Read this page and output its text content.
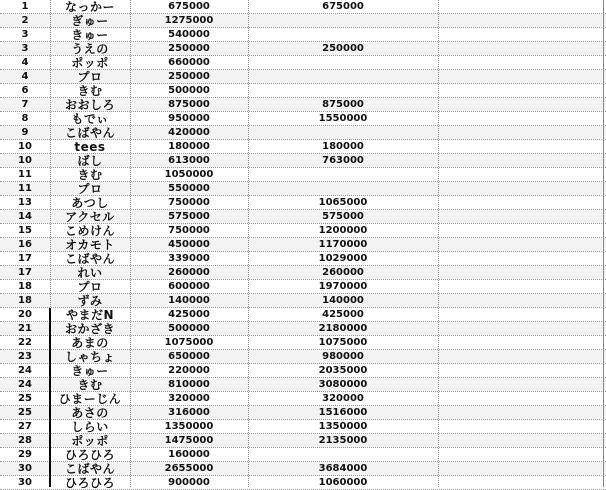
1	なっかー	675000	675000
2	ぎゅー	1275000
3	きゅー	540000
3	うえの	250000	250000
4	ポッポ	660000
4	プロ	250000
6	きむ	500000
7	おおしろ	875000	875000
8	もでぃ	950000	1550000
9	こばやん	420000
10	tees	180000	180000
10	ばし	613000	763000
11	きむ	1050000
11	プロ	550000
13	あつし	750000	1065000
14	アクセル	575000	575000
15	こめけん	750000	1200000
16	オカモト	450000	1170000
17	こばやん	339000	1029000
17	れい	260000	260000
18	プロ	600000	1970000
18	ずみ	140000	140000
20	やまだN	425000	425000
21	おかざき	500000	2180000
22	あまの	1075000	1075000
23	しゃちょ	650000	980000
24	きゅー	220000	2035000
24	きむ	810000	3080000
25	ひまーじん	320000	320000
25	あさの	316000	1516000
27	しらい	1350000	1350000
28	ポッポ	1475000	2135000
29	ひろひろ	160000
30	こばやん	2655000	3684000
30	ひろひろ	900000	1060000
